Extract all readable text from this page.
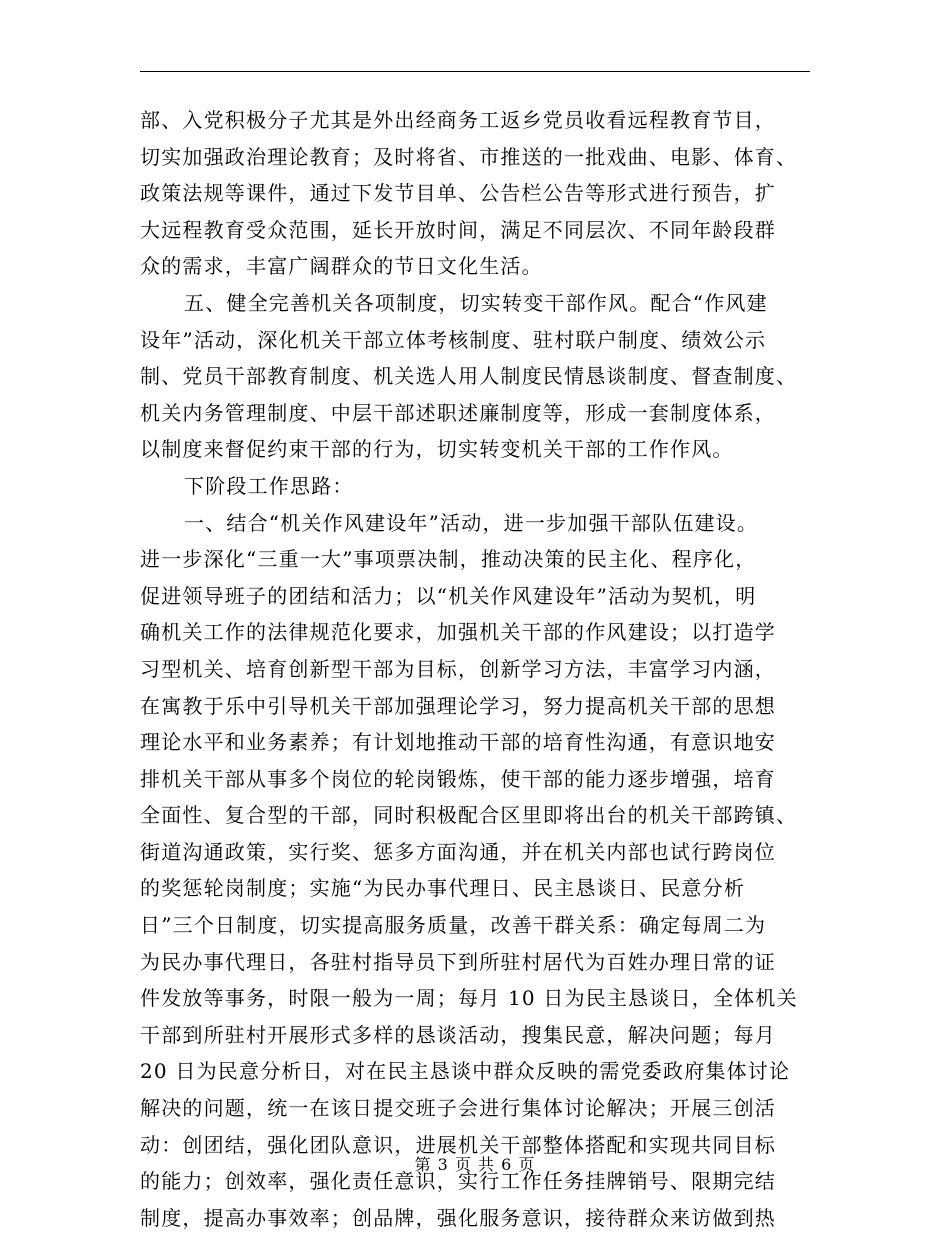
部、入党积极分子尤其是外出经商务工返乡党员收看远程教育节目，
切实加强政治理论教育；及时将省、市推送的一批戏曲、电影、体育、
政策法规等课件，通过下发节目单、公告栏公告等形式进行预告，扩
大远程教育受众范围，延长开放时间，满足不同层次、不同年龄段群
众的需求，丰富广阔群众的节日文化生活。
五、健全完善机关各项制度，切实转变干部作风。配合“作风建
设年”活动，深化机关干部立体考核制度、驻村联户制度、绩效公示
制、党员干部教育制度、机关选人用人制度民情恳谈制度、督查制度、
机关内务管理制度、中层干部述职述廉制度等，形成一套制度体系，
以制度来督促约束干部的行为，切实转变机关干部的工作作风。
下阶段工作思路：
一、结合“机关作风建设年”活动，进一步加强干部队伍建设。
进一步深化“三重一大”事项票决制，推动决策的民主化、程序化，
促进领导班子的团结和活力；以“机关作风建设年”活动为契机，明
确机关工作的法律规范化要求，加强机关干部的作风建设；以打造学
习型机关、培育创新型干部为目标，创新学习方法，丰富学习内涵，
在寓教于乐中引导机关干部加强理论学习，努力提高机关干部的思想
理论水平和业务素养；有计划地推动干部的培育性沟通，有意识地安
排机关干部从事多个岗位的轮岗锻炼，使干部的能力逐步增强，培育
全面性、复合型的干部，同时积极配合区里即将出台的机关干部跨镇、
街道沟通政策，实行奖、惩多方面沟通，并在机关内部也试行跨岗位
的奖惩轮岗制度；实施“为民办事代理日、民主恳谈日、民意分析
日”三个日制度，切实提高服务质量，改善干群关系：确定每周二为
为民办事代理日，各驻村指导员下到所驻村居代为百姓办理日常的证
件发放等事务，时限一般为一周；每月 10 日为民主恳谈日，全体机关
干部到所驻村开展形式多样的恳谈活动，搜集民意，解决问题；每月
20 日为民意分析日，对在民主恳谈中群众反映的需党委政府集体讨论
解决的问题，统一在该日提交班子会进行集体讨论解决；开展三创活
动：创团结，强化团队意识，进展机关干部整体搭配和实现共同目标
的能力；创效率，强化责任意识，实行工作任务挂牌销号、限期完结
制度，提高办事效率；创品牌，强化服务意识，接待群众来访做到热
第 3 页 共 6 页
